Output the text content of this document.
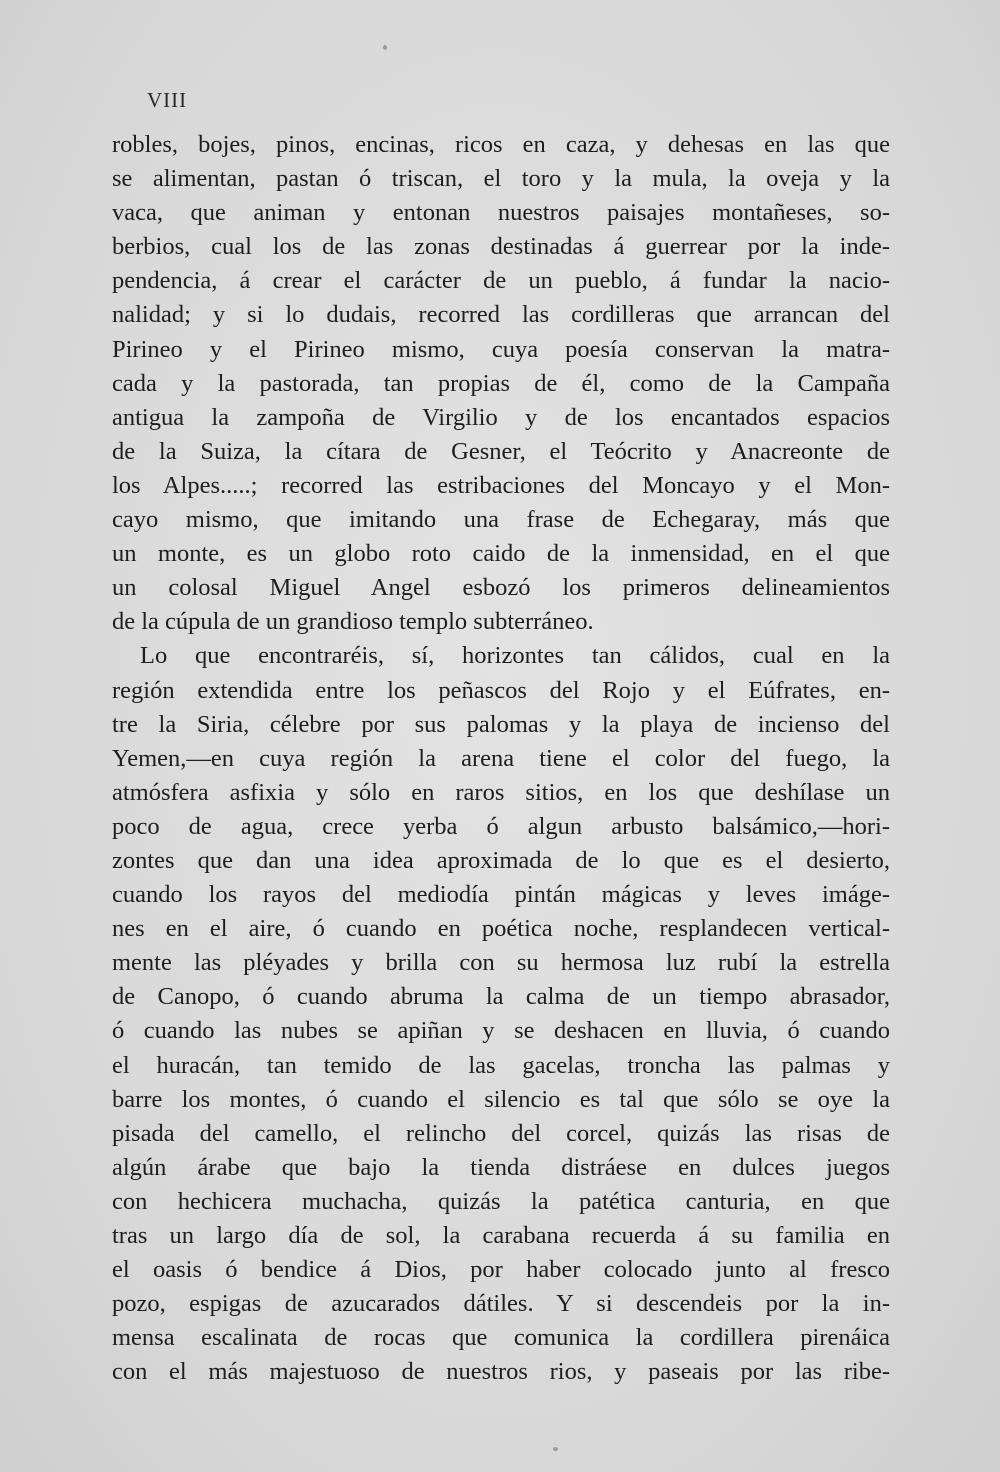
VIII
robles, bojes, pinos, encinas, ricos en caza, y dehesas en las que
se alimentan, pastan ó triscan, el toro y la mula, la oveja y la
vaca, que animan y entonan nuestros paisajes montañeses, so-
berbios, cual los de las zonas destinadas á guerrear por la inde-
pendencia, á crear el carácter de un pueblo, á fundar la nacio-
nalidad; y si lo dudais, recorred las cordilleras que arrancan del
Pirineo y el Pirineo mismo, cuya poesía conservan la matra-
cada y la pastorada, tan propias de él, como de la Campaña
antigua la zampoña de Virgilio y de los encantados espacios
de la Suiza, la cítara de Gesner, el Teócrito y Anacreonte de
los Alpes.....; recorred las estribaciones del Moncayo y el Mon-
cayo mismo, que imitando una frase de Echegaray, más que
un monte, es un globo roto caido de la inmensidad, en el que
un colosal Miguel Angel esbozó los primeros delineamientos
de la cúpula de un grandioso templo subterráneo.
Lo que encontraréis, sí, horizontes tan cálidos, cual en la
región extendida entre los peñascos del Rojo y el Eúfrates, en-
tre la Siria, célebre por sus palomas y la playa de incienso del
Yemen,—en cuya región la arena tiene el color del fuego, la
atmósfera asfixia y sólo en raros sitios, en los que deshílase un
poco de agua, crece yerba ó algun arbusto balsámico,—hori-
zontes que dan una idea aproximada de lo que es el desierto,
cuando los rayos del mediodía pintán mágicas y leves imáge-
nes en el aire, ó cuando en poética noche, resplandecen vertical-
mente las pléyades y brilla con su hermosa luz rubí la estrella
de Canopo, ó cuando abruma la calma de un tiempo abrasador,
ó cuando las nubes se apiñan y se deshacen en lluvia, ó cuando
el huracán, tan temido de las gacelas, troncha las palmas y
barre los montes, ó cuando el silencio es tal que sólo se oye la
pisada del camello, el relincho del corcel, quizás las risas de
algún árabe que bajo la tienda distráese en dulces juegos
con hechicera muchacha, quizás la patética canturia, en que
tras un largo día de sol, la carabana recuerda á su familia en
el oasis ó bendice á Dios, por haber colocado junto al fresco
pozo, espigas de azucarados dátiles. Y si descendeis por la in-
mensa escalinata de rocas que comunica la cordillera pirenáica
con el más majestuoso de nuestros rios, y paseais por las ribe-
